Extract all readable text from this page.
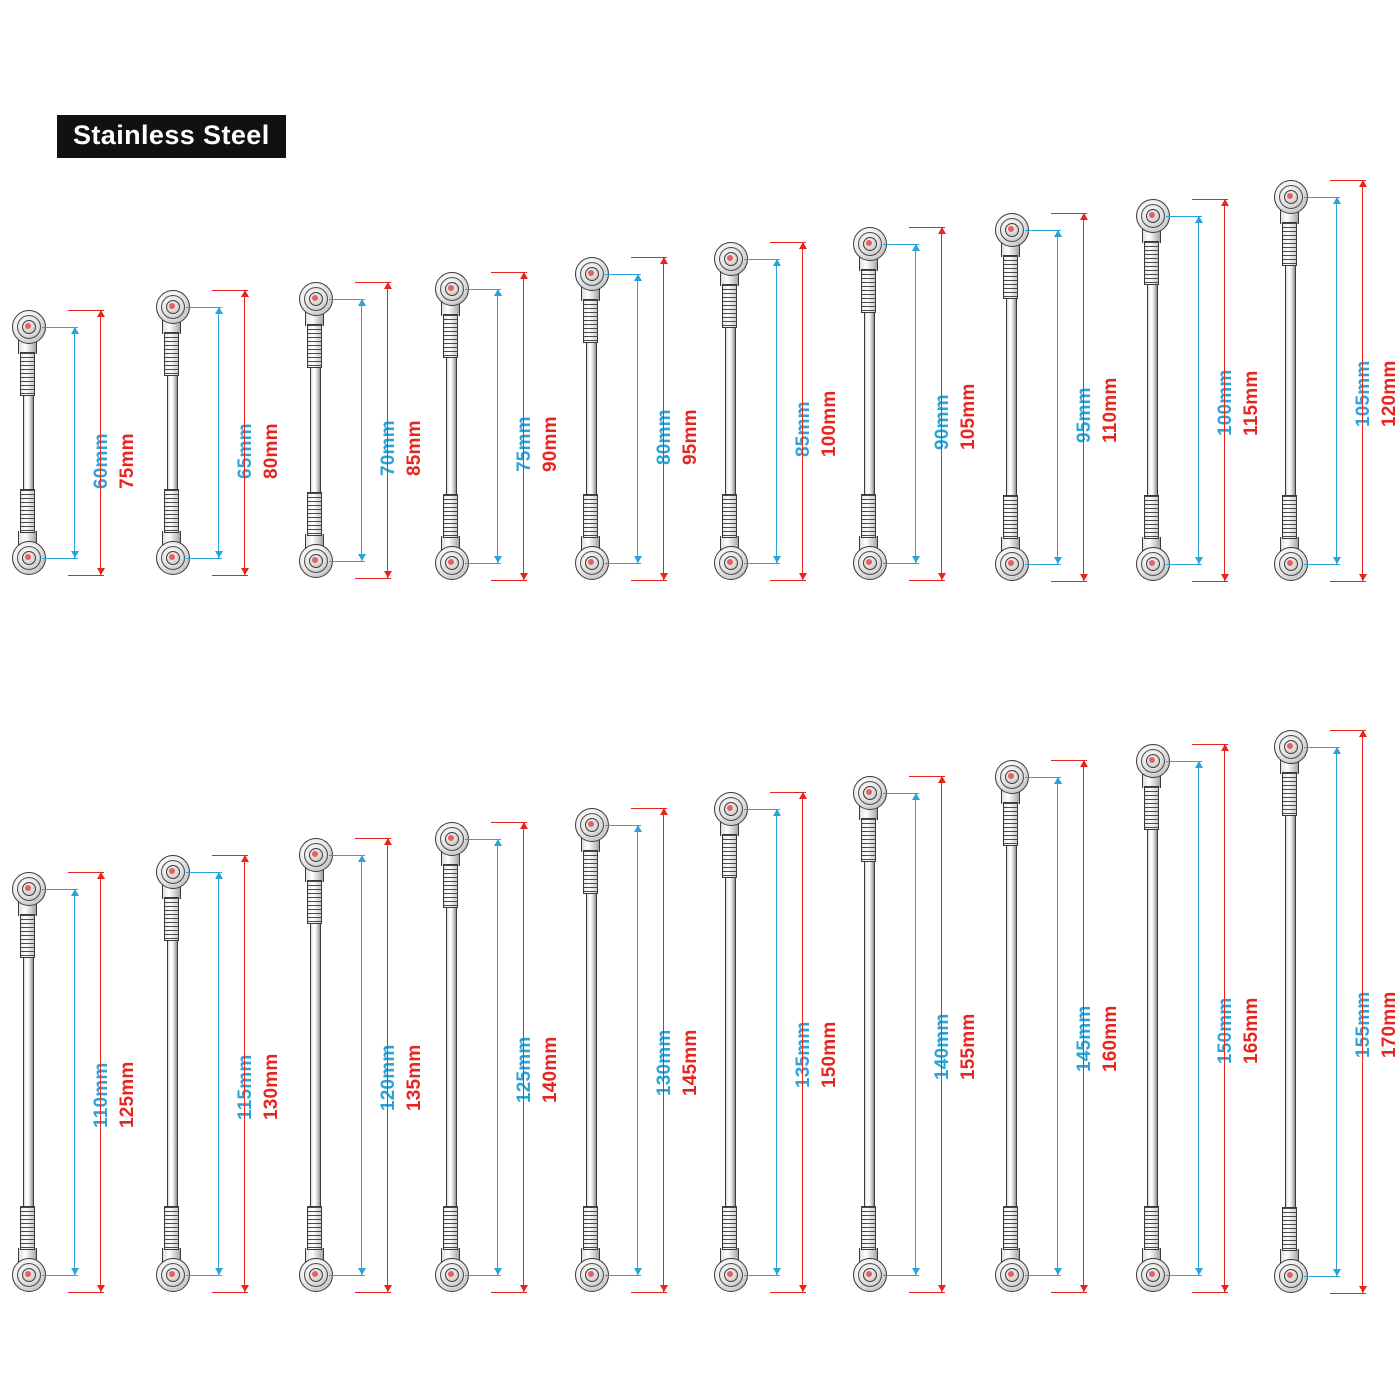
Stainless Steel
60mm 75mm	65mm 80mm	70mm 85mm	75mm 90mm	80mm 95mm	85mm 100mm	90mm 105mm	95mm 110mm	100mm 115mm	105mm 120mm
110mm 125mm	115mm 130mm	120mm 135mm	125mm 140mm	130mm 145mm	135mm 150mm	140mm 155mm	145mm 160mm	150mm 165mm	155mm 170mm
